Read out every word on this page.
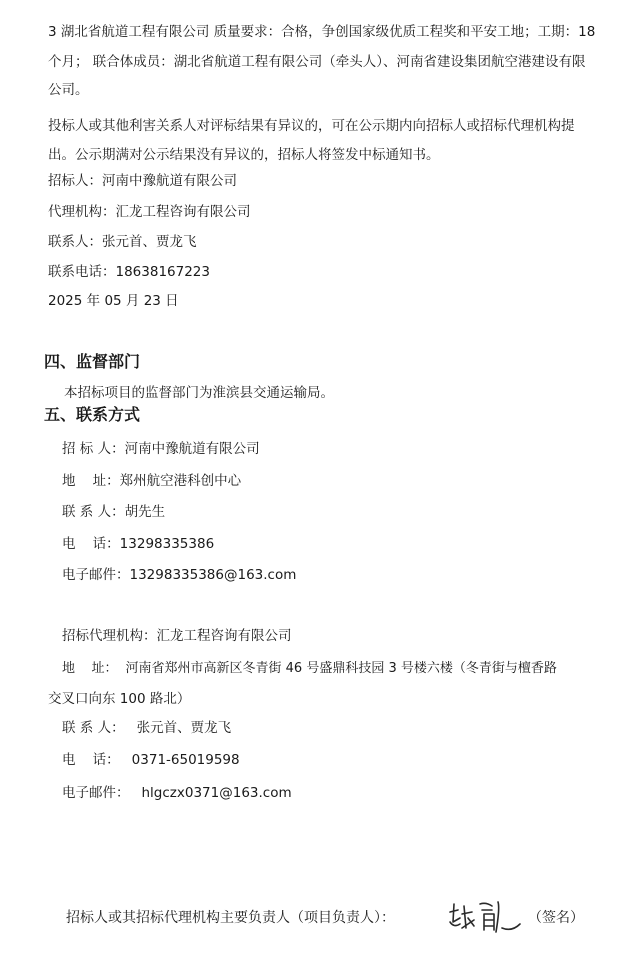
3 湖北省航道工程有限公司 质量要求：合格，争创国家级优质工程奖和平安工地；工期：18
个月； 联合体成员：湖北省航道工程有限公司（牵头人）、河南省建设集团航空港建设有限
公司。
投标人或其他利害关系人对评标结果有异议的，可在公示期内向招标人或招标代理机构提
出。公示期满对公示结果没有异议的，招标人将签发中标通知书。
招标人：河南中豫航道有限公司
代理机构：汇龙工程咨询有限公司
联系人：张元首、贾龙飞
联系电话：18638167223
2025 年 05 月 23 日
四、监督部门
本招标项目的监督部门为淮滨县交通运输局。
五、联系方式
招 标 人：河南中豫航道有限公司
地    址：郑州航空港科创中心
联 系 人：胡先生
电    话：13298335386
电子邮件：13298335386@163.com
招标代理机构：汇龙工程咨询有限公司
地    址： 河南省郑州市高新区冬青街 46 号盛鼎科技园 3 号楼六楼（冬青街与檀香路
交叉口向东 100 路北）
联 系 人： 张元首、贾龙飞
电    话： 0371-65019598
电子邮件： hlgczx0371@163.com
招标人或其招标代理机构主要负责人（项目负责人）：	（签名）
